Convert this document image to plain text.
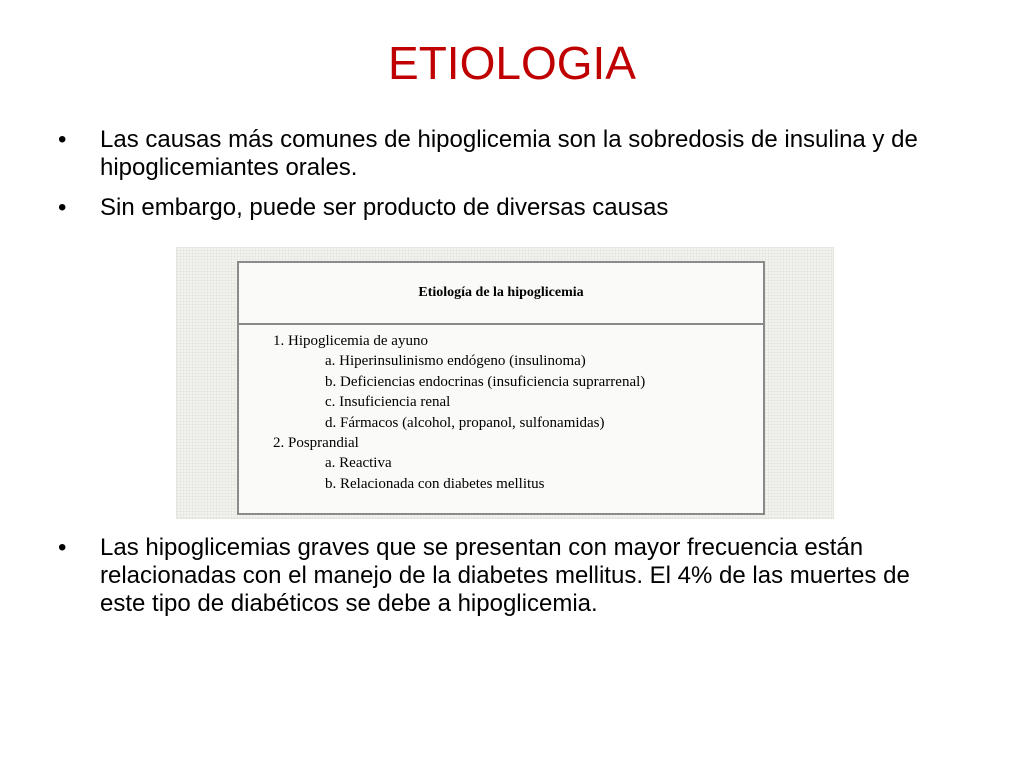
ETIOLOGIA
•	Las causas más comunes de hipoglicemia son la sobredosis de insulina y de hipoglicemiantes orales.
•	Sin embargo, puede ser producto de diversas causas
Etiología de la hipoglicemia
1. Hipoglicemia de ayuno
a. Hiperinsulinismo endógeno (insulinoma)
b. Deficiencias endocrinas (insuficiencia suprarrenal)
c. Insuficiencia renal
d. Fármacos (alcohol, propanol, sulfonamidas)
2. Posprandial
a. Reactiva
b. Relacionada con diabetes mellitus
•	Las hipoglicemias graves que se presentan con mayor frecuencia están relacionadas con el manejo de la diabetes mellitus. El 4% de las muertes de este tipo de diabéticos se debe a hipoglicemia.
